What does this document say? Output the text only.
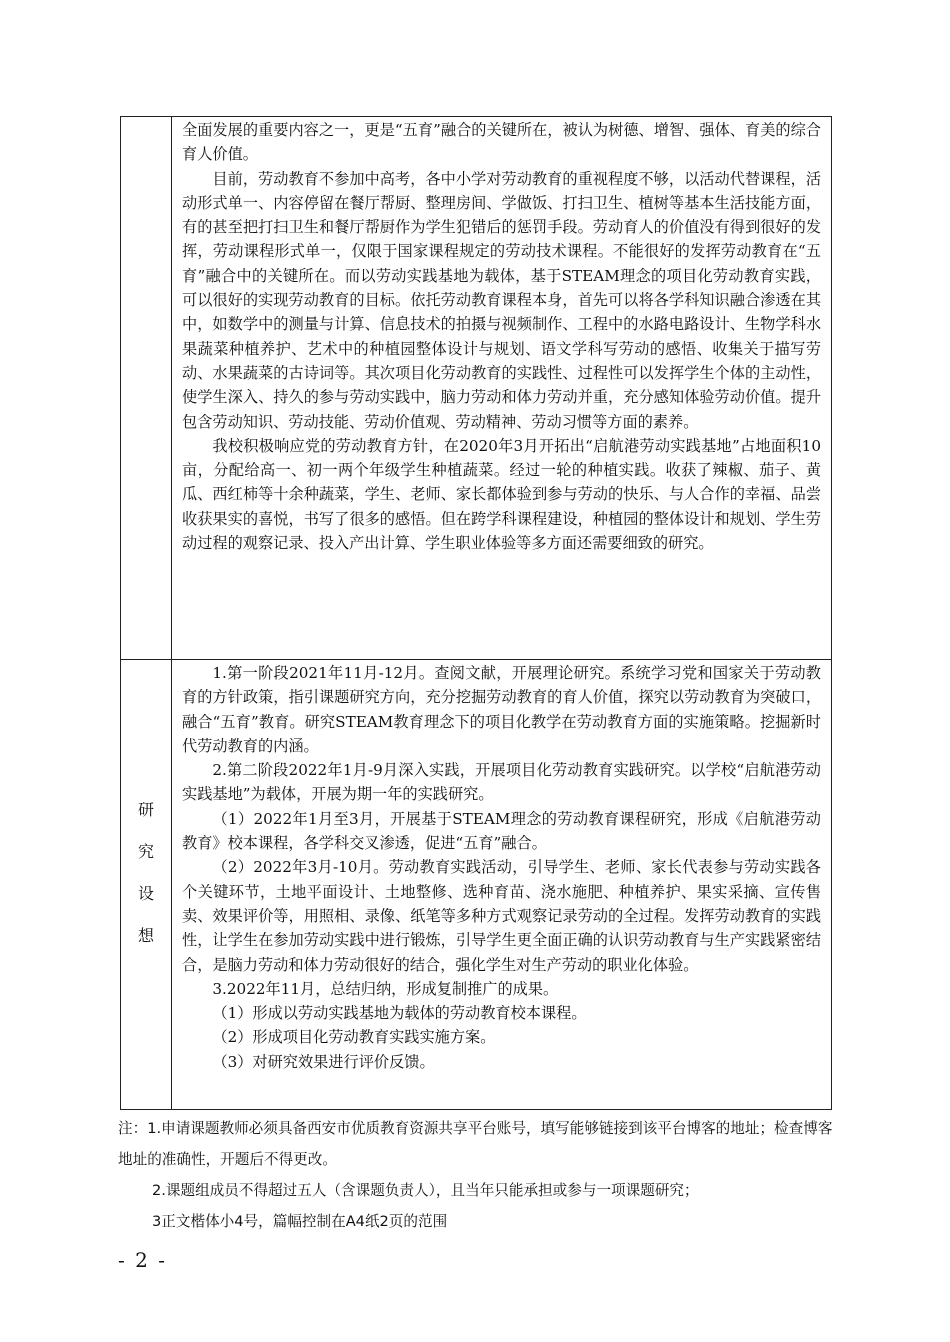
全面发展的重要内容之一，更是“五育”融合的关键所在，被认为树德、增智、强体、育美的综合育人价值。

目前，劳动教育不参加中高考，各中小学对劳动教育的重视程度不够，以活动代替课程，活动形式单一、内容停留在餐厅帮厨、整理房间、学做饭、打扫卫生、植树等基本生活技能方面，有的甚至把打扫卫生和餐厅帮厨作为学生犯错后的惩罚手段。劳动育人的价值没有得到很好的发挥，劳动课程形式单一，仅限于国家课程规定的劳动技术课程。不能很好的发挥劳动教育在“五育”融合中的关键所在。而以劳动实践基地为载体，基于STEAM理念的项目化劳动教育实践，可以很好的实现劳动教育的目标。依托劳动教育课程本身，首先可以将各学科知识融合渗透在其中，如数学中的测量与计算、信息技术的拍摄与视频制作、工程中的水路电路设计、生物学科水果蔬菜种植养护、艺术中的种植园整体设计与规划、语文学科写劳动的感悟、收集关于描写劳动、水果蔬菜的古诗词等。其次项目化劳动教育的实践性、过程性可以发挥学生个体的主动性，使学生深入、持久的参与劳动实践中，脑力劳动和体力劳动并重，充分感知体验劳动价值。提升包含劳动知识、劳动技能、劳动价值观、劳动精神、劳动习惯等方面的素养。

我校积极响应党的劳动教育方针，在2020年3月开拓出“启航港劳动实践基地”占地面积10亩，分配给高一、初一两个年级学生种植蔬菜。经过一轮的种植实践。收获了辣椒、茄子、黄瓜、西红柿等十余种蔬菜，学生、老师、家长都体验到参与劳动的快乐、与人合作的幸福、品尝收获果实的喜悦，书写了很多的感悟。但在跨学科课程建设，种植园的整体设计和规划、学生劳动过程的观察记录、投入产出计算、学生职业体验等多方面还需要细致的研究。

研
究
设
想

1.第一阶段2021年11月-12月。查阅文献，开展理论研究。系统学习党和国家关于劳动教育的方针政策，指引课题研究方向，充分挖掘劳动教育的育人价值，探究以劳动教育为突破口，融合“五育”教育。研究STEAM教育理念下的项目化教学在劳动教育方面的实施策略。挖掘新时代劳动教育的内涵。

2.第二阶段2022年1月-9月深入实践，开展项目化劳动教育实践研究。以学校“启航港劳动实践基地”为载体，开展为期一年的实践研究。

（1）2022年1月至3月，开展基于STEAM理念的劳动教育课程研究，形成《启航港劳动教育》校本课程，各学科交叉渗透，促进“五育”融合。

（2）2022年3月-10月。劳动教育实践活动，引导学生、老师、家长代表参与劳动实践各个关键环节，土地平面设计、土地整修、选种育苗、浇水施肥、种植养护、果实采摘、宣传售卖、效果评价等，用照相、录像、纸笔等多种方式观察记录劳动的全过程。发挥劳动教育的实践性，让学生在参加劳动实践中进行锻炼，引导学生更全面正确的认识劳动教育与生产实践紧密结合，是脑力劳动和体力劳动很好的结合，强化学生对生产劳动的职业化体验。

3.2022年11月，总结归纳，形成复制推广的成果。

（1）形成以劳动实践基地为载体的劳动教育校本课程。

（2）形成项目化劳动教育实践实施方案。

（3）对研究效果进行评价反馈。

注：1.申请课题教师必须具备西安市优质教育资源共享平台账号，填写能够链接到该平台博客的地址；检查博客地址的准确性，开题后不得更改。

2.课题组成员不得超过五人（含课题负责人），且当年只能承担或参与一项课题研究；

3正文楷体小4号，篇幅控制在A4纸2页的范围

- 2 -
